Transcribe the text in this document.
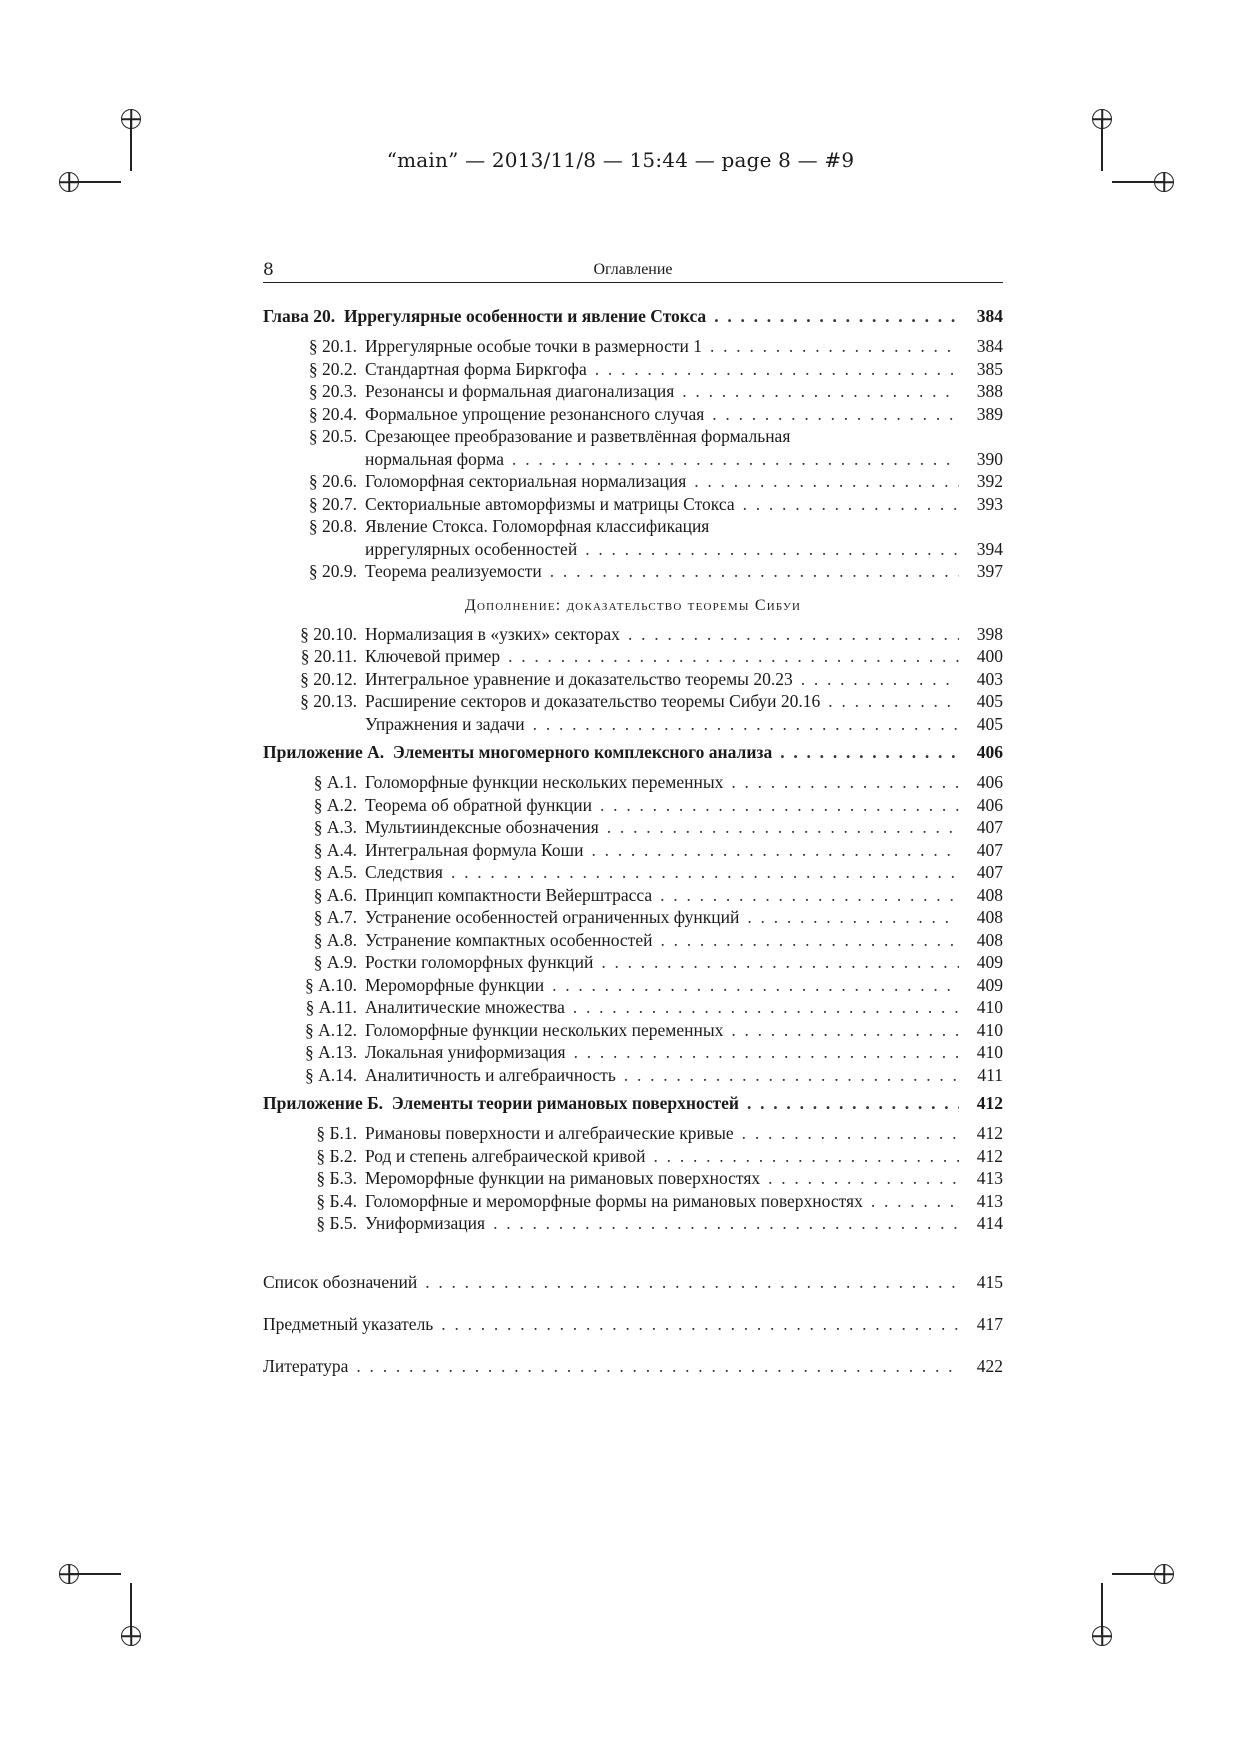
“main” — 2013/11/8 — 15:44 — page 8 — #9
8	Оглавление
Глава 20.
Иррегулярные особенности и явление Стокса . . .	384
§ 20.1. Иррегулярные особые точки в размерности 1 . . .	384
§ 20.2. Стандартная форма Биркгофа . . .	385
§ 20.3. Резонансы и формальная диагонализация . . .	388
§ 20.4. Формальное упрощение резонансного случая . . .	389
§ 20.5. Срезающее преобразование и разветвлённая формальная
нормальная форма . . .	390
§ 20.6. Голоморфная секториальная нормализация . . .	392
§ 20.7. Секториальные автоморфизмы и матрицы Стокса . . .	393
§ 20.8. Явление Стокса. Голоморфная классификация
иррегулярных особенностей . . .	394
§ 20.9. Теорема реализуемости . . .	397
Дополнение: доказательство теоремы Сибуи
§ 20.10. Нормализация в «узких» секторах . . .	398
§ 20.11. Ключевой пример . . .	400
§ 20.12. Интегральное уравнение и доказательство теоремы 20.23 . . .	403
§ 20.13. Расширение секторов и доказательство теоремы Сибуи 20.16 . . .	405
Упражнения и задачи . . .	405
Приложение А.
Элементы многомерного комплексного анализа . . .	406
§ А.1. Голоморфные функции нескольких переменных . . .	406
§ А.2. Теорема об обратной функции . . .	406
§ А.3. Мультииндексные обозначения . . .	407
§ А.4. Интегральная формула Коши . . .	407
§ А.5. Следствия . . .	407
§ А.6. Принцип компактности Вейерштрасса . . .	408
§ А.7. Устранение особенностей ограниченных функций . . .	408
§ А.8. Устранение компактных особенностей . . .	408
§ А.9. Ростки голоморфных функций . . .	409
§ А.10. Мероморфные функции . . .	409
§ А.11. Аналитические множества . . .	410
§ А.12. Голоморфные функции нескольких переменных . . .	410
§ А.13. Локальная униформизация . . .	410
§ А.14. Аналитичность и алгебраичность . . .	411
Приложение Б.
Элементы теории римановых поверхностей . . .	412
§ Б.1. Римановы поверхности и алгебраические кривые . . .	412
§ Б.2. Род и степень алгебраической кривой . . .	412
§ Б.3. Мероморфные функции на римановых поверхностях . . .	413
§ Б.4. Голоморфные и мероморфные формы на римановых поверхностях . . .	413
§ Б.5. Униформизация . . .	414
Список обозначений . . .	415
Предметный указатель . . .	417
Литература . . .	422
